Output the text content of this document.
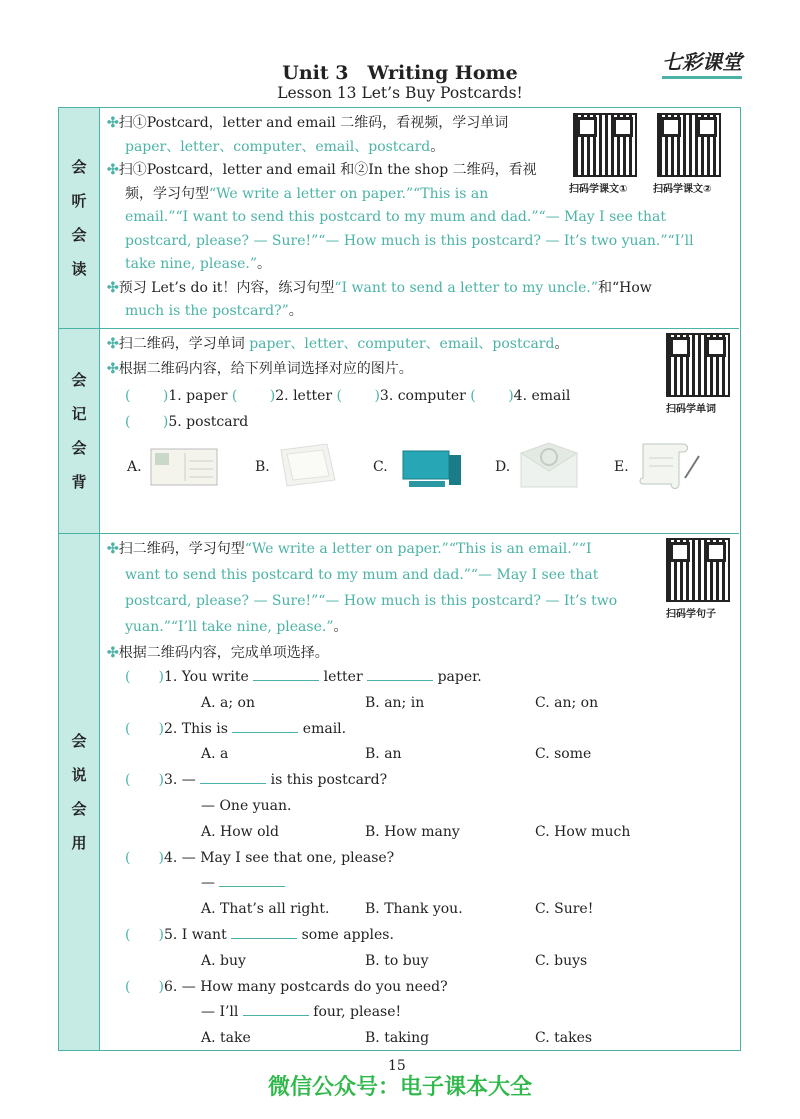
七彩课堂
Unit 3　Writing Home
Lesson 13 Let’s Buy Postcards!
会
听
会
读
✣扫①Postcard，letter and email 二维码，看视频，学习单词
paper、letter、computer、email、postcard。
✣扫①Postcard，letter and email 和②In the shop 二维码，看视
频，学习句型“We write a letter on paper.”“This is an
email.”“I want to send this postcard to my mum and dad.”“— May I see that
postcard, please? — Sure!”“— How much is this postcard? — It’s two yuan.”“I’ll
take nine, please.”。
✣预习 Let’s do it！内容，练习句型“I want to send a letter to my uncle.”和“How
much is the postcard?”。
扫码学课文①	扫码学课文②
会
记
会
背
✣扫二维码，学习单词 paper、letter、computer、email、postcard。
✣根据二维码内容，给下列单词选择对应的图片。
(　　 )1. paper (　　 )2. letter (　　 )3. computer (　　 )4. email
(　　 )5. postcard
扫码学单词
A.	B.	C.	D.	E.
会
说
会
用
✣扫二维码，学习句型“We write a letter on paper.”“This is an email.”“I
want to send this postcard to my mum and dad.”“— May I see that
postcard, please? — Sure!”“— How much is this postcard? — It’s two
yuan.”“I’ll take nine, please.”。
✣根据二维码内容，完成单项选择。
扫码学句子
(　　)1. You write	letter	paper.
A. a; on	B. an; in	C. an; on
(　　)2. This is	email.
A. a	B. an	C. some
(　　)3. —	is this postcard?
— One yuan.
A. How old	B. How many	C. How much
(　　)4. — May I see that one, please?
—
A. That’s all right.	B. Thank you.	C. Sure!
(　　)5. I want	some apples.
A. buy	B. to buy	C. buys
(　　)6. — How many postcards do you need?
— I’ll	four, please!
A. take	B. taking	C. takes
15
微信公众号：电子课本大全
